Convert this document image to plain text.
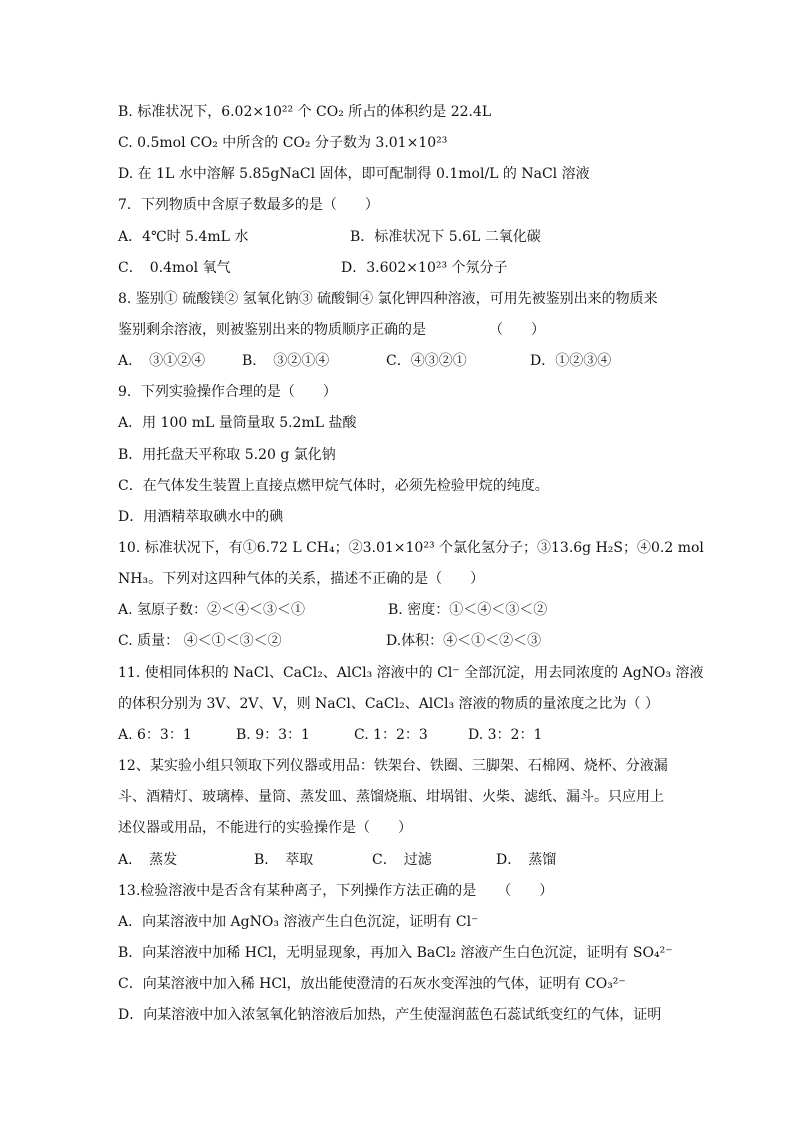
B. 标准状况下，6.02×10²² 个 CO₂ 所占的体积约是 22.4L
C. 0.5mol CO₂ 中所含的 CO₂ 分子数为 3.01×10²³
D. 在 1L 水中溶解 5.85gNaCl 固体，即可配制得 0.1mol/L 的 NaCl 溶液
7．下列物质中含原子数最多的是（　　）
A．4℃时 5.4mL 水	B．标准状况下 5.6L 二氧化碳
C．　0.4mol 氧气	D．3.602×10²³ 个氖分子
8. 鉴别① 硫酸镁② 氢氧化钠③ 硫酸铜④ 氯化钾四种溶液，可用先被鉴别出来的物质来
鉴别剩余溶液，则被鉴别出来的物质顺序正确的是　　　　　（　　）
A．　③①②④	B．　③②①④	C．④③②①	D．①②③④
9．下列实验操作合理的是（　　）
A．用 100 mL 量筒量取 5.2mL 盐酸
B．用托盘天平称取 5.20 g 氯化钠
C．在气体发生装置上直接点燃甲烷气体时，必须先检验甲烷的纯度。
D．用酒精萃取碘水中的碘
10. 标准状况下，有①6.72 L CH₄；②3.01×10²³ 个氯化氢分子；③13.6g H₂S；④0.2 mol
NH₃。下列对这四种气体的关系，描述不正确的是（　　）
A. 氢原子数：②＜④＜③＜①	B. 密度：①＜④＜③＜②
C. 质量： ④＜①＜③＜②	D.体积：④＜①＜②＜③
11. 使相同体积的 NaCl、CaCl₂、AlCl₃ 溶液中的 Cl⁻ 全部沉淀，用去同浓度的 AgNO₃ 溶液
的体积分别为 3V、2V、V，则 NaCl、CaCl₂、AlCl₃ 溶液的物质的量浓度之比为（ ）
A. 6：3：1	B. 9：3：1	C. 1：2：3	D. 3：2：1
12、某实验小组只领取下列仪器或用品：铁架台、铁圈、三脚架、石棉网、烧杯、分液漏
斗、酒精灯、玻璃棒、量筒、蒸发皿、蒸馏烧瓶、坩埚钳、火柴、滤纸、漏斗。只应用上
述仪器或用品，不能进行的实验操作是（　　）
A．　蒸发	B．　萃取	C．　过滤	D．　蒸馏
13.检验溶液中是否含有某种离子，下列操作方法正确的是　　（　　）
A．向某溶液中加 AgNO₃ 溶液产生白色沉淀，证明有 Cl⁻
B．向某溶液中加稀 HCl，无明显现象，再加入 BaCl₂ 溶液产生白色沉淀，证明有 SO₄²⁻
C．向某溶液中加入稀 HCl，放出能使澄清的石灰水变浑浊的气体，证明有 CO₃²⁻
D．向某溶液中加入浓氢氧化钠溶液后加热，产生使湿润蓝色石蕊试纸变红的气体，证明
